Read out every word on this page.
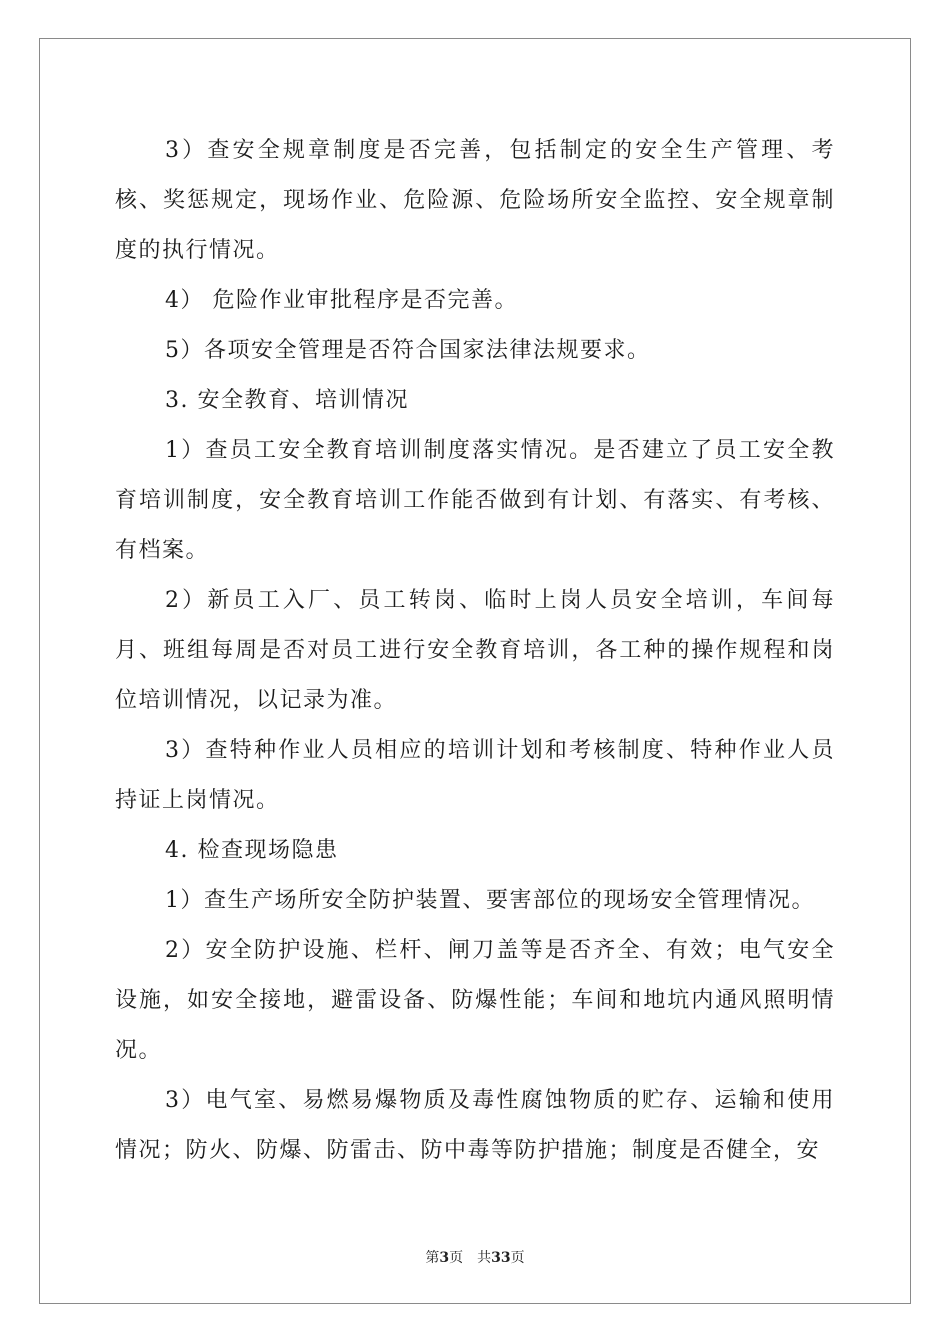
3）查安全规章制度是否完善，包括制定的安全生产管理、考核、奖惩规定，现场作业、危险源、危险场所安全监控、安全规章制度的执行情况。

4） 危险作业审批程序是否完善。

5）各项安全管理是否符合国家法律法规要求。

3. 安全教育、培训情况

1）查员工安全教育培训制度落实情况。是否建立了员工安全教育培训制度，安全教育培训工作能否做到有计划、有落实、有考核、有档案。

2）新员工入厂、员工转岗、临时上岗人员安全培训，车间每月、班组每周是否对员工进行安全教育培训，各工种的操作规程和岗位培训情况，以记录为准。

3）查特种作业人员相应的培训计划和考核制度、特种作业人员持证上岗情况。

4. 检查现场隐患

1）查生产场所安全防护装置、要害部位的现场安全管理情况。

2）安全防护设施、栏杆、闸刀盖等是否齐全、有效；电气安全设施，如安全接地，避雷设备、防爆性能；车间和地坑内通风照明情况。

3）电气室、易燃易爆物质及毒性腐蚀物质的贮存、运输和使用情况；防火、防爆、防雷击、防中毒等防护措施；制度是否健全，安

第3页 共33页
